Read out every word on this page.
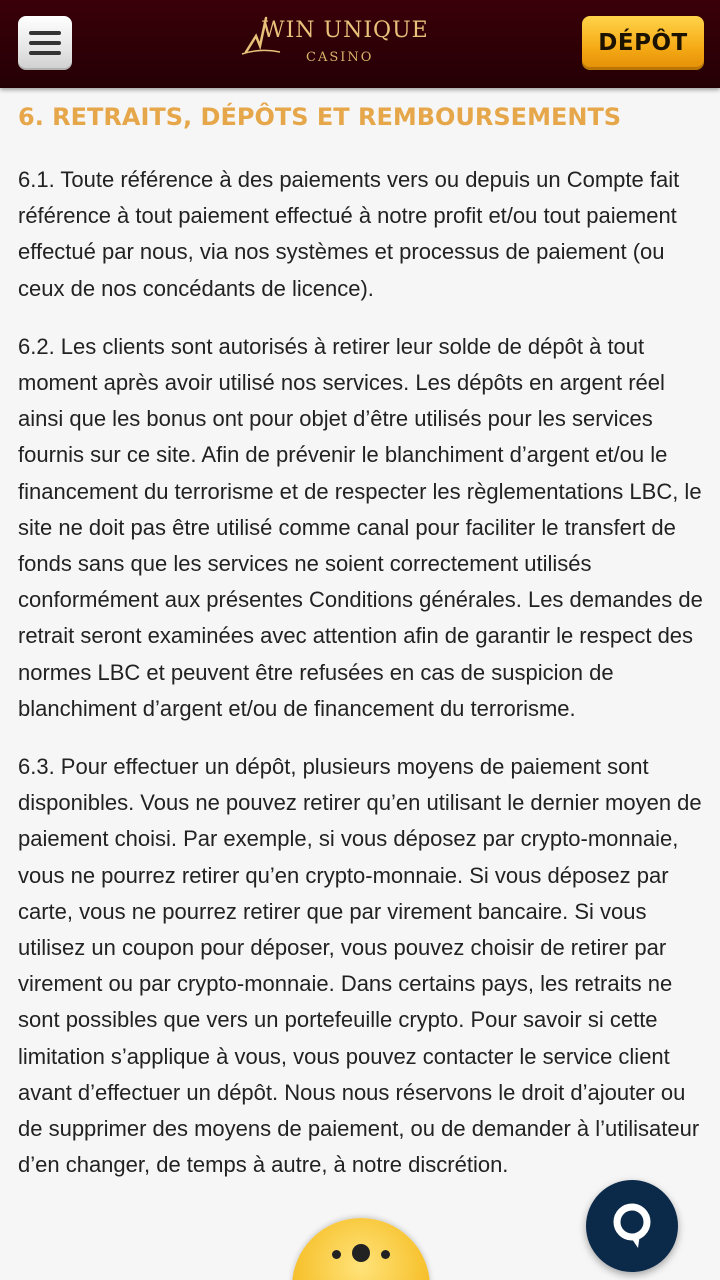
WIN UNIQUE
CASINO
DÉPÔT
6. RETRAITS, DÉPÔTS ET REMBOURSEMENTS

6.1. Toute référence à des paiements vers ou depuis un Compte fait référence à tout paiement effectué à notre profit et/ou tout paiement effectué par nous, via nos systèmes et processus de paiement (ou ceux de nos concédants de licence).

6.2. Les clients sont autorisés à retirer leur solde de dépôt à tout moment après avoir utilisé nos services. Les dépôts en argent réel ainsi que les bonus ont pour objet d’être utilisés pour les services fournis sur ce site. Afin de prévenir le blanchiment d’argent et/ou le financement du terrorisme et de respecter les règlementations LBC, le site ne doit pas être utilisé comme canal pour faciliter le transfert de fonds sans que les services ne soient correctement utilisés conformément aux présentes Conditions générales. Les demandes de retrait seront examinées avec attention afin de garantir le respect des normes LBC et peuvent être refusées en cas de suspicion de blanchiment d’argent et/ou de financement du terrorisme.

6.3. Pour effectuer un dépôt, plusieurs moyens de paiement sont disponibles. Vous ne pouvez retirer qu’en utilisant le dernier moyen de paiement choisi. Par exemple, si vous déposez par crypto-monnaie, vous ne pourrez retirer qu’en crypto-monnaie. Si vous déposez par carte, vous ne pourrez retirer que par virement bancaire. Si vous utilisez un coupon pour déposer, vous pouvez choisir de retirer par virement ou par crypto-monnaie. Dans certains pays, les retraits ne sont possibles que vers un portefeuille crypto. Pour savoir si cette limitation s’applique à vous, vous pouvez contacter le service client avant d’effectuer un dépôt. Nous nous réservons le droit d’ajouter ou de supprimer des moyens de paiement, ou de demander à l’utilisateur d’en changer, de temps à autre, à notre discrétion.
